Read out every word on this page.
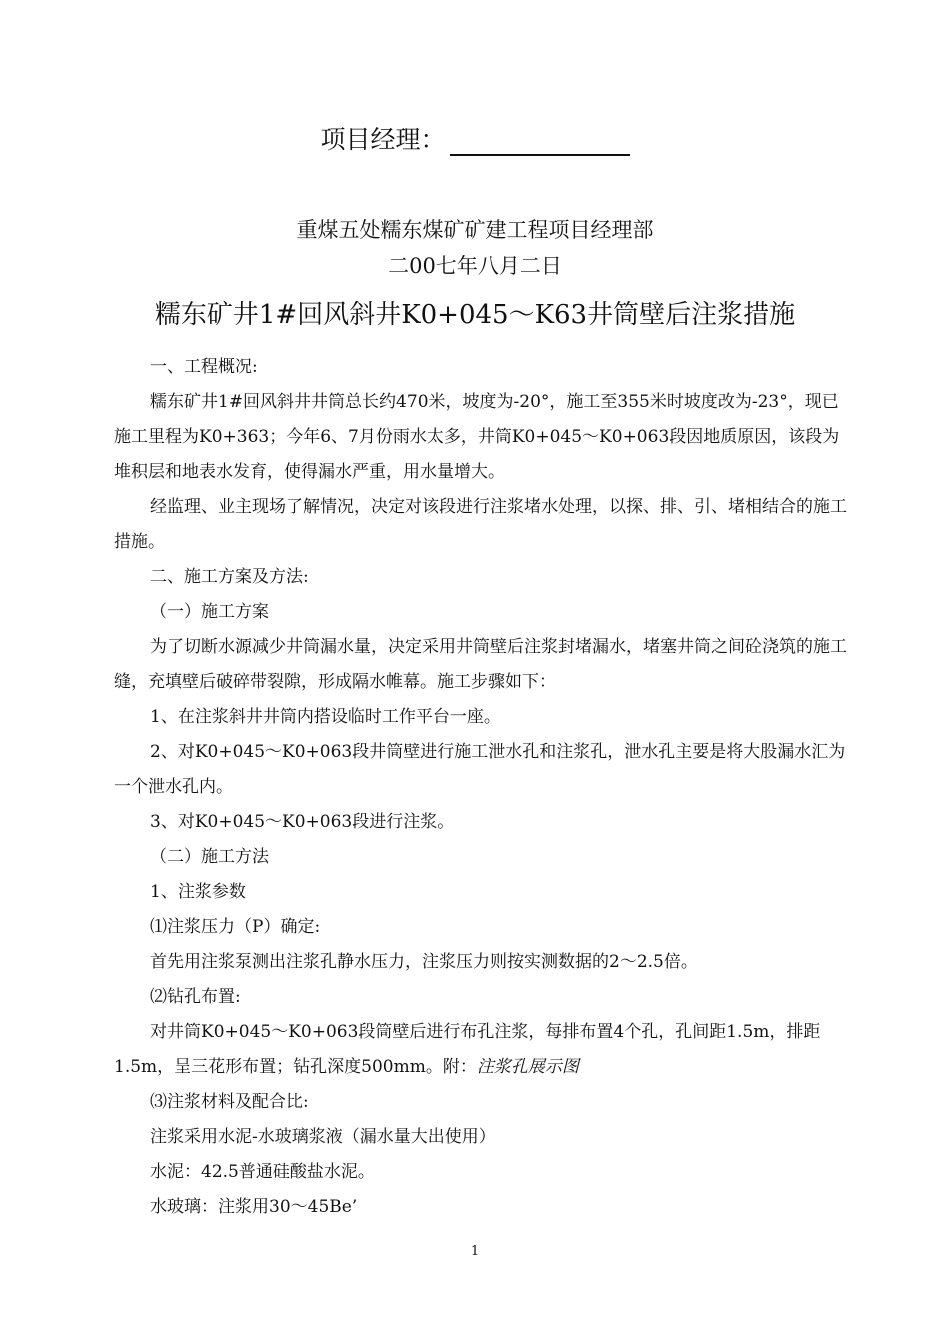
项目经理：
重煤五处糯东煤矿矿建工程项目经理部
二00七年八月二日
糯东矿井1#回风斜井K0+045～K63井筒壁后注浆措施

一、工程概况:

糯东矿井1#回风斜井井筒总长约470米，坡度为-20°，施工至355米时坡度改为-23°，现已施工里程为K0+363；今年6、7月份雨水太多，井筒K0+045～K0+063段因地质原因，该段为堆积层和地表水发育，使得漏水严重，用水量增大。

经监理、业主现场了解情况，决定对该段进行注浆堵水处理，以探、排、引、堵相结合的施工措施。

二、施工方案及方法:

（一）施工方案

为了切断水源减少井筒漏水量，决定采用井筒壁后注浆封堵漏水，堵塞井筒之间砼浇筑的施工缝，充填壁后破碎带裂隙，形成隔水帷幕。施工步骤如下：

1、在注浆斜井井筒内搭设临时工作平台一座。

2、对K0+045～K0+063段井筒壁进行施工泄水孔和注浆孔，泄水孔主要是将大股漏水汇为一个泄水孔内。

3、对K0+045～K0+063段进行注浆。

（二）施工方法

1、注浆参数

⑴注浆压力（P）确定:

首先用注浆泵测出注浆孔静水压力，注浆压力则按实测数据的2～2.5倍。

⑵钻孔布置:

对井筒K0+045～K0+063段筒壁后进行布孔注浆，每排布置4个孔，孔间距1.5m，排距1.5m，呈三花形布置；钻孔深度500mm。附：注浆孔展示图

⑶注浆材料及配合比:

注浆采用水泥-水玻璃浆液（漏水量大出使用）

水泥：42.5普通硅酸盐水泥。

水玻璃：注浆用30～45Be’

1
